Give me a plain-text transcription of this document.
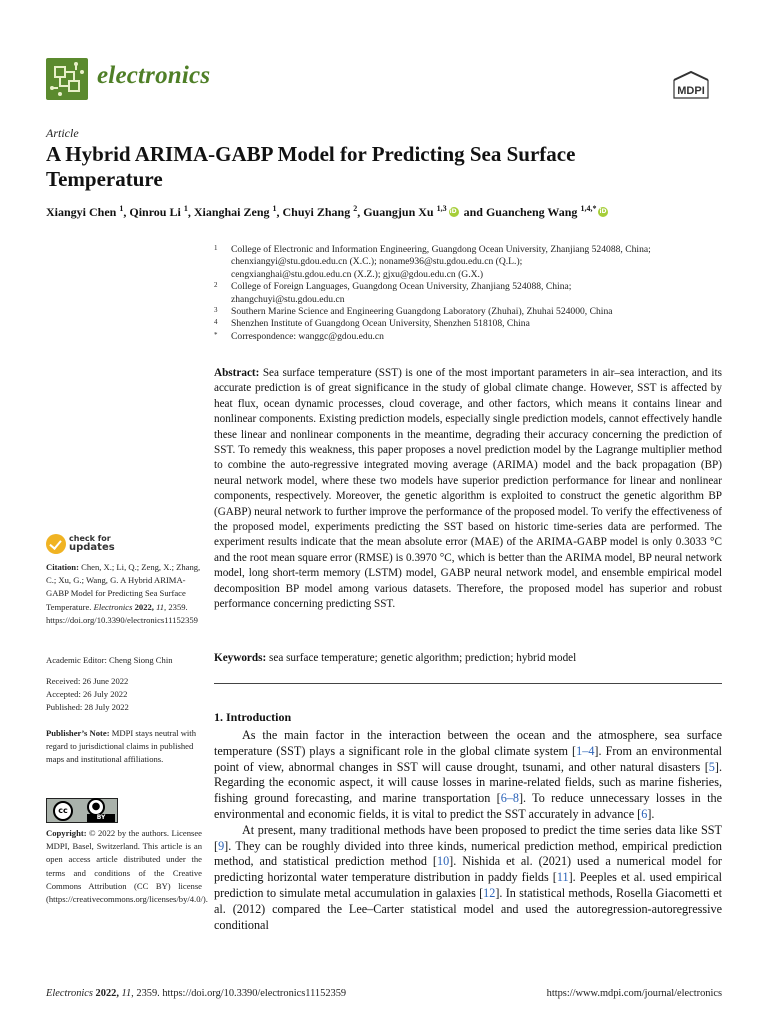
electronics
MDPI
Article
A Hybrid ARIMA-GABP Model for Predicting Sea Surface Temperature
Xiangyi Chen $^1$, Qinrou Li $^1$, Xianghai Zeng $^1$, Chuyi Zhang $^2$, Guangjun Xu $^{1,3}$iD and Guancheng Wang $^{1,4,*}$iD
1 College of Electronic and Information Engineering, Guangdong Ocean University, Zhanjiang 524088, China;
chenxiangyi@stu.gdou.edu.cn (X.C.); noname936@stu.gdou.edu.cn (Q.L.);
cengxianghai@stu.gdou.edu.cn (X.Z.); gjxu@gdou.edu.cn (G.X.)
2 College of Foreign Languages, Guangdong Ocean University, Zhanjiang 524088, China;
zhangchuyi@stu.gdou.edu.cn
3 Southern Marine Science and Engineering Guangdong Laboratory (Zhuhai), Zhuhai 524000, China
4 Shenzhen Institute of Guangdong Ocean University, Shenzhen 518108, China
* Correspondence: wanggc@gdou.edu.cn
Abstract: Sea surface temperature (SST) is one of the most important parameters in air–sea interaction, and its accurate prediction is of great significance in the study of global climate change. However, SST is affected by heat flux, ocean dynamic processes, cloud coverage, and other factors, which means it contains linear and nonlinear components. Existing prediction models, especially single prediction models, cannot effectively handle these linear and nonlinear components in the meantime, degrading their accuracy concerning the prediction of SST. To remedy this weakness, this paper proposes a novel prediction model by the Lagrange multiplier method to combine the auto-regressive integrated moving average (ARIMA) model and the back propagation (BP) neural network model, where these two models have superior prediction performance for linear and nonlinear components, respectively. Moreover, the genetic algorithm is exploited to construct the genetic algorithm BP (GABP) neural network to further improve the performance of the proposed model. To verify the effectiveness of the proposed model, experiments predicting the SST based on historic time-series data are performed. The experiment results indicate that the mean absolute error (MAE) of the ARIMA-GABP model is only 0.3033 °C and the root mean square error (RMSE) is 0.3970 °C, which is better than the ARIMA model, BP neural network model, long short-term memory (LSTM) model, GABP neural network model, and ensemble empirical model decomposition BP model among various datasets. Therefore, the proposed model has superior and robust performance concerning predicting SST.
Keywords: sea surface temperature; genetic algorithm; prediction; hybrid model
1. Introduction

As the main factor in the interaction between the ocean and the atmosphere, sea surface temperature (SST) plays a significant role in the global climate system [1–4]. From an environmental point of view, abnormal changes in SST will cause drought, tsunami, and other natural disasters [5]. Regarding the economic aspect, it will cause losses in marine-related fields, such as marine fisheries, fishing ground forecasting, and marine transportation [6–8]. To reduce unnecessary losses in the environmental and economic fields, it is vital to predict the SST accurately in advance [6].

At present, many traditional methods have been proposed to predict the time series data like SST [9]. They can be roughly divided into three kinds, numerical prediction method, empirical prediction method, and statistical prediction method [10]. Nishida et al. (2021) used a numerical model for predicting horizontal water temperature distribution in paddy fields [11]. Peeples et al. used empirical prediction to simulate metal accumulation in galaxies [12]. In statistical methods, Rosella Giacometti et al. (2012) compared the Lee–Carter statistical model and used the autoregression-autoregressive conditional

check for
updates
Citation: Chen, X.; Li, Q.; Zeng, X.; Zhang, C.; Xu, G.; Wang, G. A Hybrid ARIMA-GABP Model for Predicting Sea Surface Temperature. Electronics 2022, 11, 2359. https://doi.org/10.3390/electronics11152359
Academic Editor: Cheng Siong Chin
Received: 26 June 2022
Accepted: 26 July 2022
Published: 28 July 2022
Publisher’s Note: MDPI stays neutral with regard to jurisdictional claims in published maps and institutional affiliations.
cc	●
BY
Copyright: © 2022 by the authors. Licensee MDPI, Basel, Switzerland. This article is an open access article distributed under the terms and conditions of the Creative Commons Attribution (CC BY) license (https://creativecommons.org/licenses/by/4.0/).
Electronics 2022, 11, 2359. https://doi.org/10.3390/electronics11152359	https://www.mdpi.com/journal/electronics
